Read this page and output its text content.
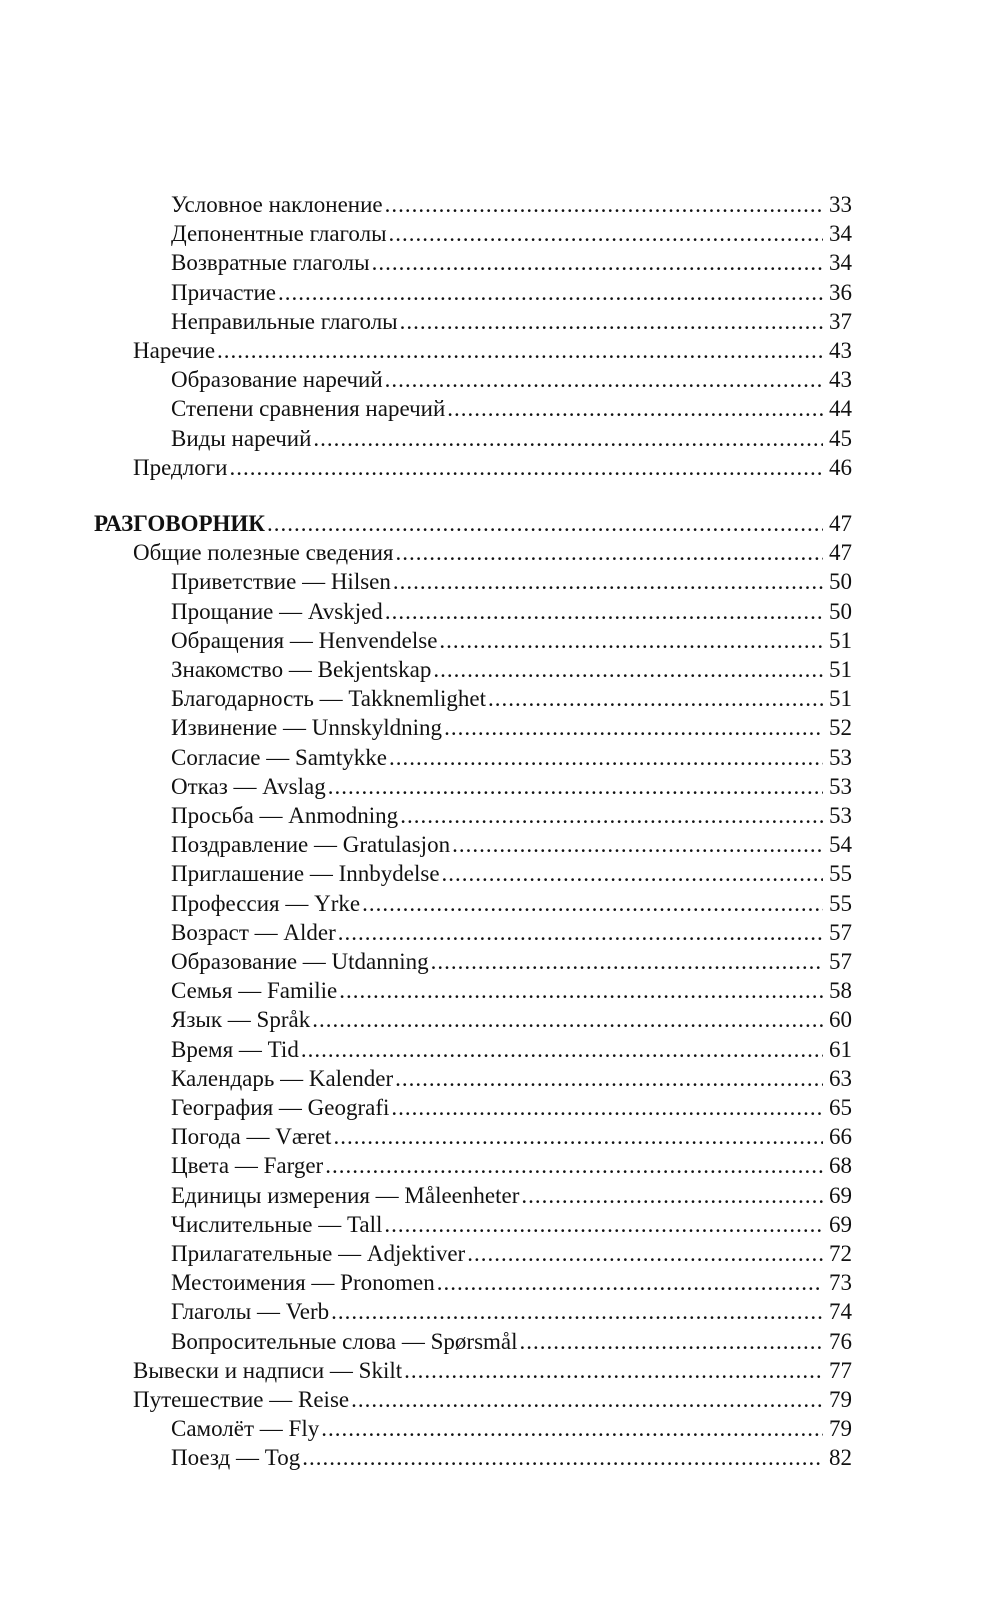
Условное наклонение .....	33
Депонентные глаголы .....	34
Возвратные глаголы .....	34
Причастие .....	36
Неправильные глаголы .....	37
Наречие .....	43
Образование наречий .....	43
Степени сравнения наречий .....	44
Виды наречий .....	45
Предлоги .....	46
РАЗГОВОРНИК .....	47
Общие полезные сведения .....	47
Приветствие — Hilsen .....	50
Прощание — Avskjed .....	50
Обращения — Henvendelse .....	51
Знакомство — Bekjentskap .....	51
Благодарность — Takknemlighet .....	51
Извинение — Unnskyldning .....	52
Согласие — Samtykke .....	53
Отказ — Avslag .....	53
Просьба — Anmodning .....	53
Поздравление — Gratulasjon .....	54
Приглашение — Innbydelse .....	55
Профессия — Yrke .....	55
Возраст — Alder .....	57
Образование — Utdanning .....	57
Семья — Familie .....	58
Язык — Språk .....	60
Время — Tid .....	61
Календарь — Kalender .....	63
География — Geografi .....	65
Погода — Været .....	66
Цвета — Farger .....	68
Единицы измерения — Måleenheter .....	69
Числительные — Tall .....	69
Прилагательные — Adjektiver .....	72
Местоимения — Pronomen .....	73
Глаголы — Verb .....	74
Вопросительные слова — Spørsmål .....	76
Вывески и надписи — Skilt .....	77
Путешествие — Reise .....	79
Самолёт — Fly .....	79
Поезд — Tog .....	82
